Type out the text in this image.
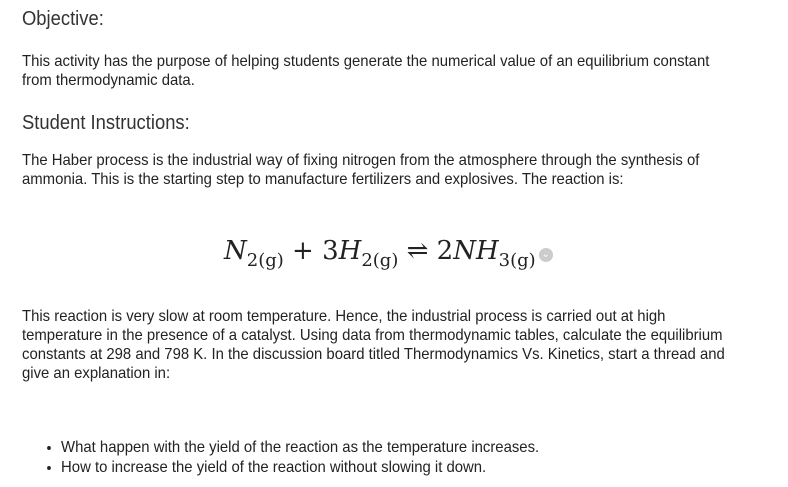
Objective:

This activity has the purpose of helping students generate the numerical value of an equilibrium constant from thermodynamic data.

Student Instructions:

The Haber process is the industrial way of fixing nitrogen from the atmosphere through the synthesis of ammonia. This is the starting step to manufacture fertilizers and explosives. The reaction is:

$N_{2(g)} + 3H_{2(g)}$ ⇌ $2NH_{3(g)}$ ⌄

This reaction is very slow at room temperature. Hence, the industrial process is carried out at high temperature in the presence of a catalyst. Using data from thermodynamic tables, calculate the equilibrium constants at 298 and 798 K. In the discussion board titled Thermodynamics Vs. Kinetics, start a thread and give an explanation in:

• What happen with the yield of the reaction as the temperature increases.
• How to increase the yield of the reaction without slowing it down.
